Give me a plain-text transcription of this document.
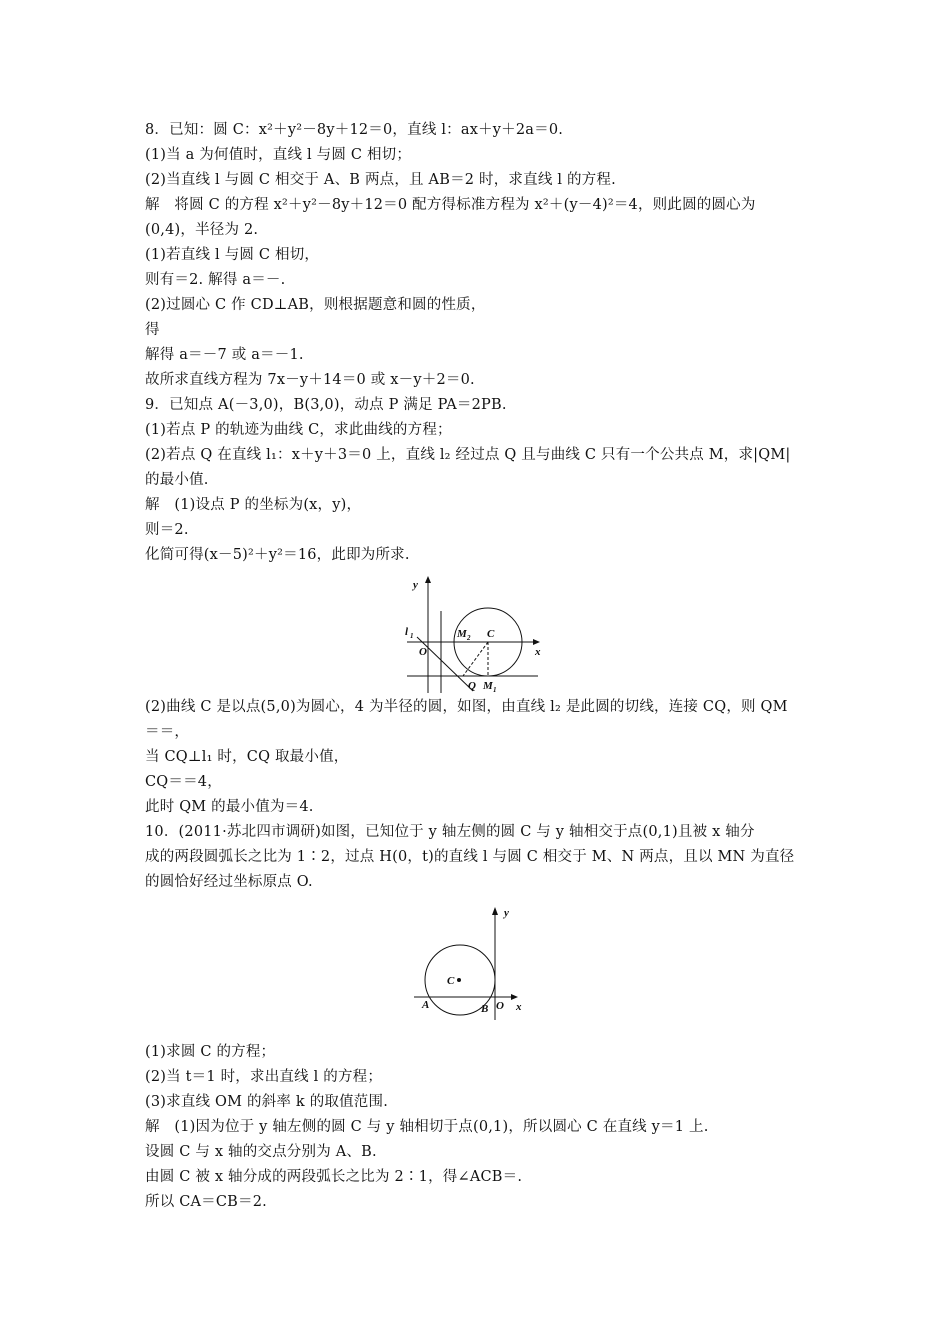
8．已知：圆 C：x²＋y²－8y＋12＝0，直线 l：ax＋y＋2a＝0.
(1)当 a 为何值时，直线 l 与圆 C 相切；
(2)当直线 l 与圆 C 相交于 A、B 两点，且 AB＝2 时，求直线 l 的方程.
解　将圆 C 的方程 x²＋y²－8y＋12＝0 配方得标准方程为 x²＋(y－4)²＝4，则此圆的圆心为
(0,4)，半径为 2.
(1)若直线 l 与圆 C 相切，
则有＝2. 解得 a＝－.
(2)过圆心 C 作 CD⊥AB，则根据题意和圆的性质，
得
解得 a＝－7 或 a＝－1.
故所求直线方程为 7x－y＋14＝0 或 x－y＋2＝0.
9．已知点 A(－3,0)，B(3,0)，动点 P 满足 PA＝2PB.
(1)若点 P 的轨迹为曲线 C，求此曲线的方程；
(2)若点 Q 在直线 l₁：x＋y＋3＝0 上，直线 l₂ 经过点 Q 且与曲线 C 只有一个公共点 M，求|QM|
的最小值.
解　(1)设点 P 的坐标为(x，y)，
则＝2.
化简可得(x－5)²＋y²＝16，此即为所求.
y
x
l 1
O
M 2 C
Q M 1
(2)曲线 C 是以点(5,0)为圆心，4 为半径的圆，如图，由直线 l₂ 是此圆的切线，连接 CQ，则 QM
＝＝，
当 CQ⊥l₁ 时，CQ 取最小值，
CQ＝＝4，
此时 QM 的最小值为＝4.
10．(2011·苏北四市调研)如图，已知位于 y 轴左侧的圆 C 与 y 轴相交于点(0,1)且被 x 轴分
成的两段圆弧长之比为 1∶2，过点 H(0，t)的直线 l 与圆 C 相交于 M、N 两点，且以 MN 为直径
的圆恰好经过坐标原点 O.
y
C
A	B O x
(1)求圆 C 的方程；
(2)当 t＝1 时，求出直线 l 的方程；
(3)求直线 OM 的斜率 k 的取值范围.
解　(1)因为位于 y 轴左侧的圆 C 与 y 轴相切于点(0,1)，所以圆心 C 在直线 y＝1 上.
设圆 C 与 x 轴的交点分别为 A、B.
由圆 C 被 x 轴分成的两段弧长之比为 2∶1，得∠ACB＝.
所以 CA＝CB＝2.
